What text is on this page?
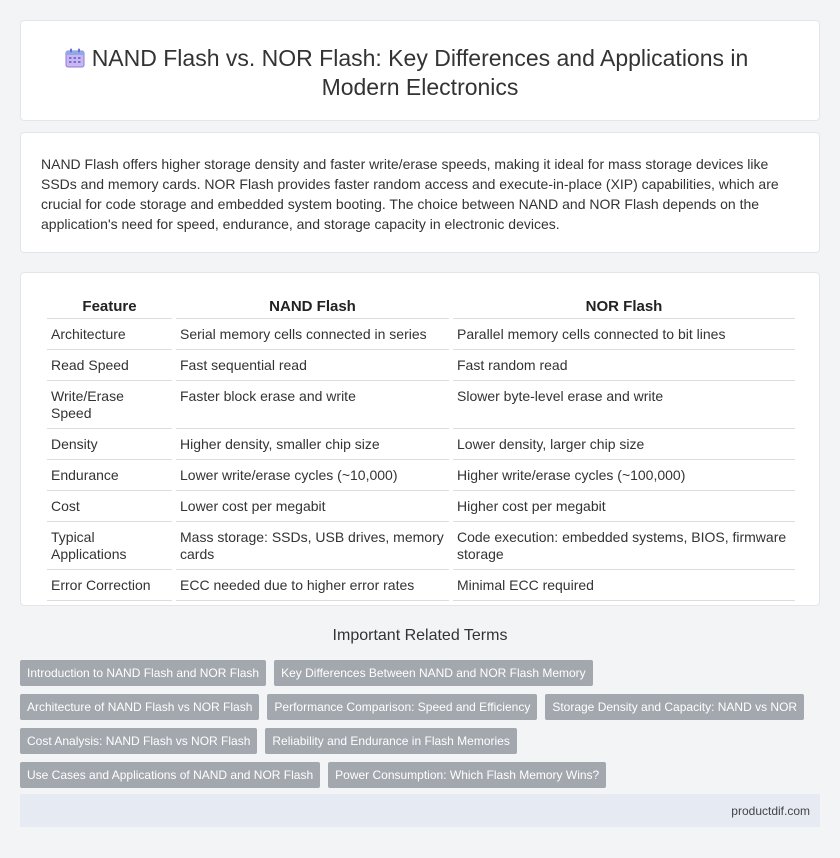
NAND Flash vs. NOR Flash: Key Differences and Applications in Modern Electronics

NAND Flash offers higher storage density and faster write/erase speeds, making it ideal for mass storage devices like SSDs and memory cards. NOR Flash provides faster random access and execute-in-place (XIP) capabilities, which are crucial for code storage and embedded system booting. The choice between NAND and NOR Flash depends on the application's need for speed, endurance, and storage capacity in electronic devices.

Feature	NAND Flash	NOR Flash
Architecture	Serial memory cells connected in series	Parallel memory cells connected to bit lines
Read Speed	Fast sequential read	Fast random read
Write/Erase Speed	Faster block erase and write	Slower byte-level erase and write
Density	Higher density, smaller chip size	Lower density, larger chip size
Endurance	Lower write/erase cycles (~10,000)	Higher write/erase cycles (~100,000)
Cost	Lower cost per megabit	Higher cost per megabit
Typical Applications	Mass storage: SSDs, USB drives, memory cards	Code execution: embedded systems, BIOS, firmware storage
Error Correction	ECC needed due to higher error rates	Minimal ECC required
Important Related Terms
Introduction to NAND Flash and NOR Flash	Key Differences Between NAND and NOR Flash Memory
Architecture of NAND Flash vs NOR Flash	Performance Comparison: Speed and Efficiency	Storage Density and Capacity: NAND vs NOR
Cost Analysis: NAND Flash vs NOR Flash	Reliability and Endurance in Flash Memories
Use Cases and Applications of NAND and NOR Flash	Power Consumption: Which Flash Memory Wins?
productdif.com
